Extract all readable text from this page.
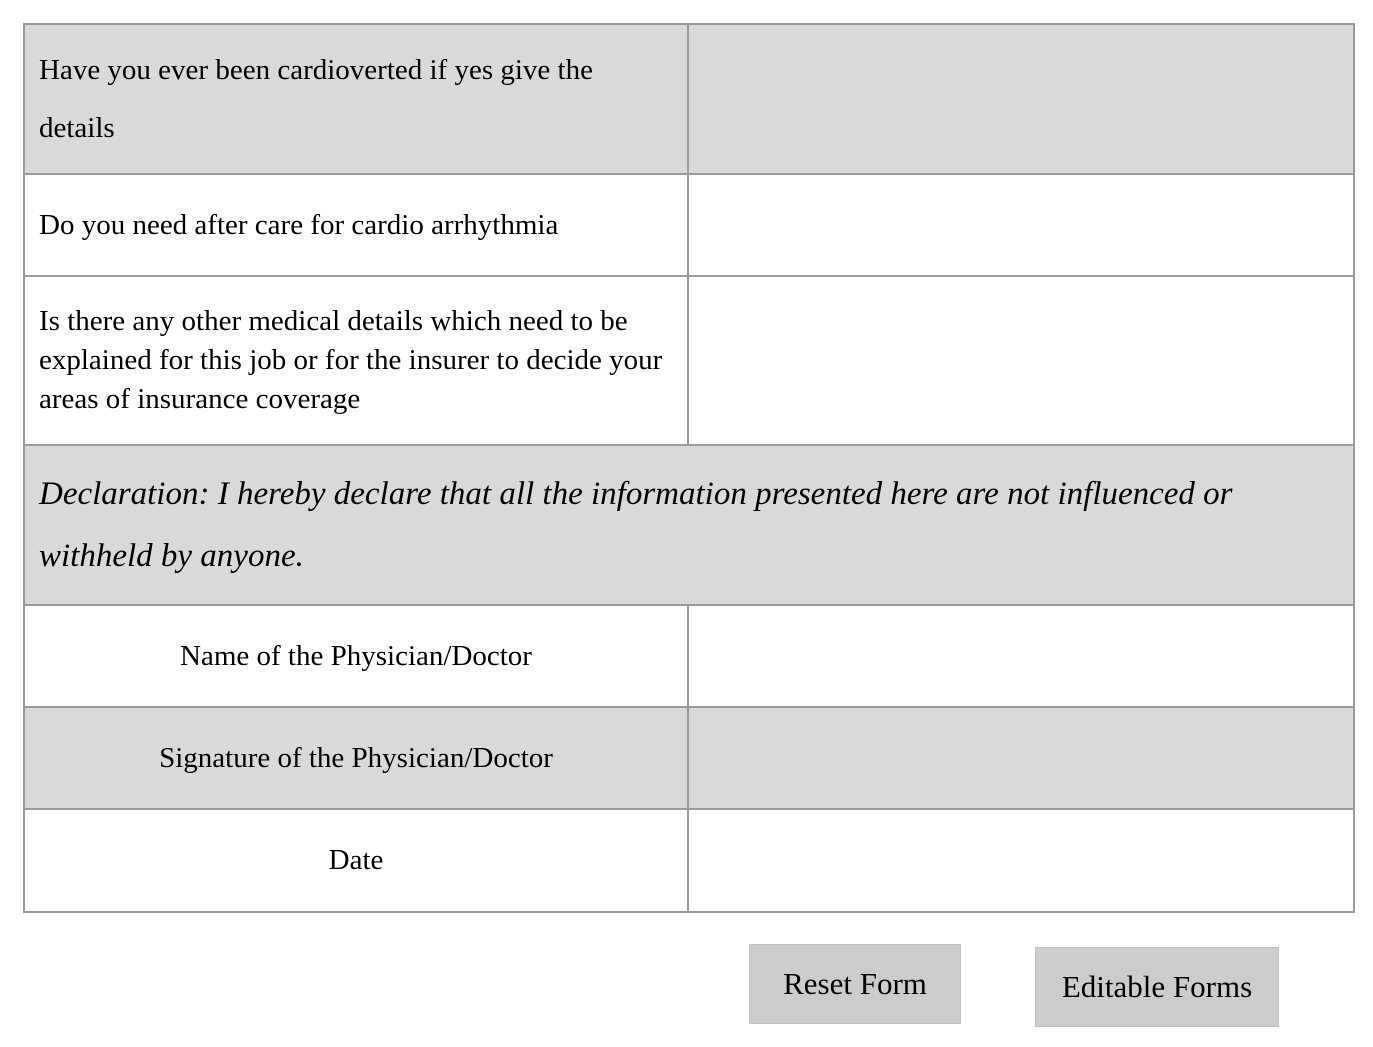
Have you ever been cardioverted if yes give the details
Do you need after care for cardio arrhythmia
Is there any other medical details which need to be explained for this job or for the insurer to decide your areas of insurance coverage
Declaration: I hereby declare that all the information presented here are not influenced or withheld by anyone.
Name of the Physician/Doctor
Signature of the Physician/Doctor
Date
Reset Form	Editable Forms
